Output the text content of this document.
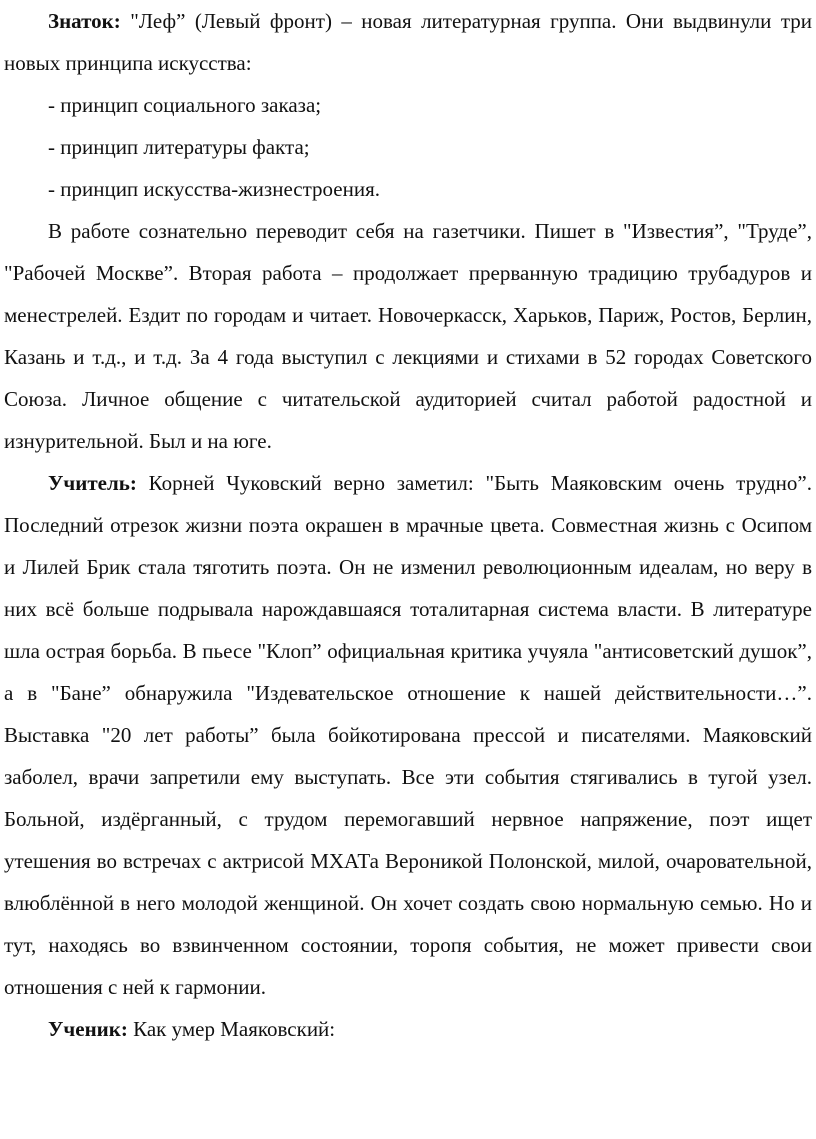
Знаток: "Леф” (Левый фронт) – новая литературная группа. Они выдвинули три новых принципа искусства:

- принцип социального заказа;

- принцип литературы факта;

- принцип искусства-жизнестроения.

В работе сознательно переводит себя на газетчики. Пишет в "Известия”, "Труде”, "Рабочей Москве”. Вторая работа – продолжает прерванную традицию трубадуров и менестрелей. Ездит по городам и читает. Новочеркасск, Харьков, Париж, Ростов, Берлин, Казань и т.д., и т.д. За 4 года выступил с лекциями и стихами в 52 городах Советского Союза. Личное общение с читательской аудиторией считал работой радостной и изнурительной. Был и на юге.

Учитель: Корней Чуковский верно заметил: "Быть Маяковским очень трудно”. Последний отрезок жизни поэта окрашен в мрачные цвета. Совместная жизнь с Осипом и Лилей Брик стала тяготить поэта. Он не изменил революционным идеалам, но веру в них всё больше подрывала нарождавшаяся тоталитарная система власти. В литературе шла острая борьба. В пьесе "Клоп” официальная критика учуяла "антисоветский душок”, а в "Бане” обнаружила "Издевательское отношение к нашей действительности…”. Выставка "20 лет работы” была бойкотирована прессой и писателями. Маяковский заболел, врачи запретили ему выступать. Все эти события стягивались в тугой узел. Больной, издёрганный, с трудом перемогавший нервное напряжение, поэт ищет утешения во встречах с актрисой МХАТа Вероникой Полонской, милой, очаровательной, влюблённой в него молодой женщиной. Он хочет создать свою нормальную семью. Но и тут, находясь во взвинченном состоянии, торопя события, не может привести свои отношения с ней к гармонии.

Ученик: Как умер Маяковский:
